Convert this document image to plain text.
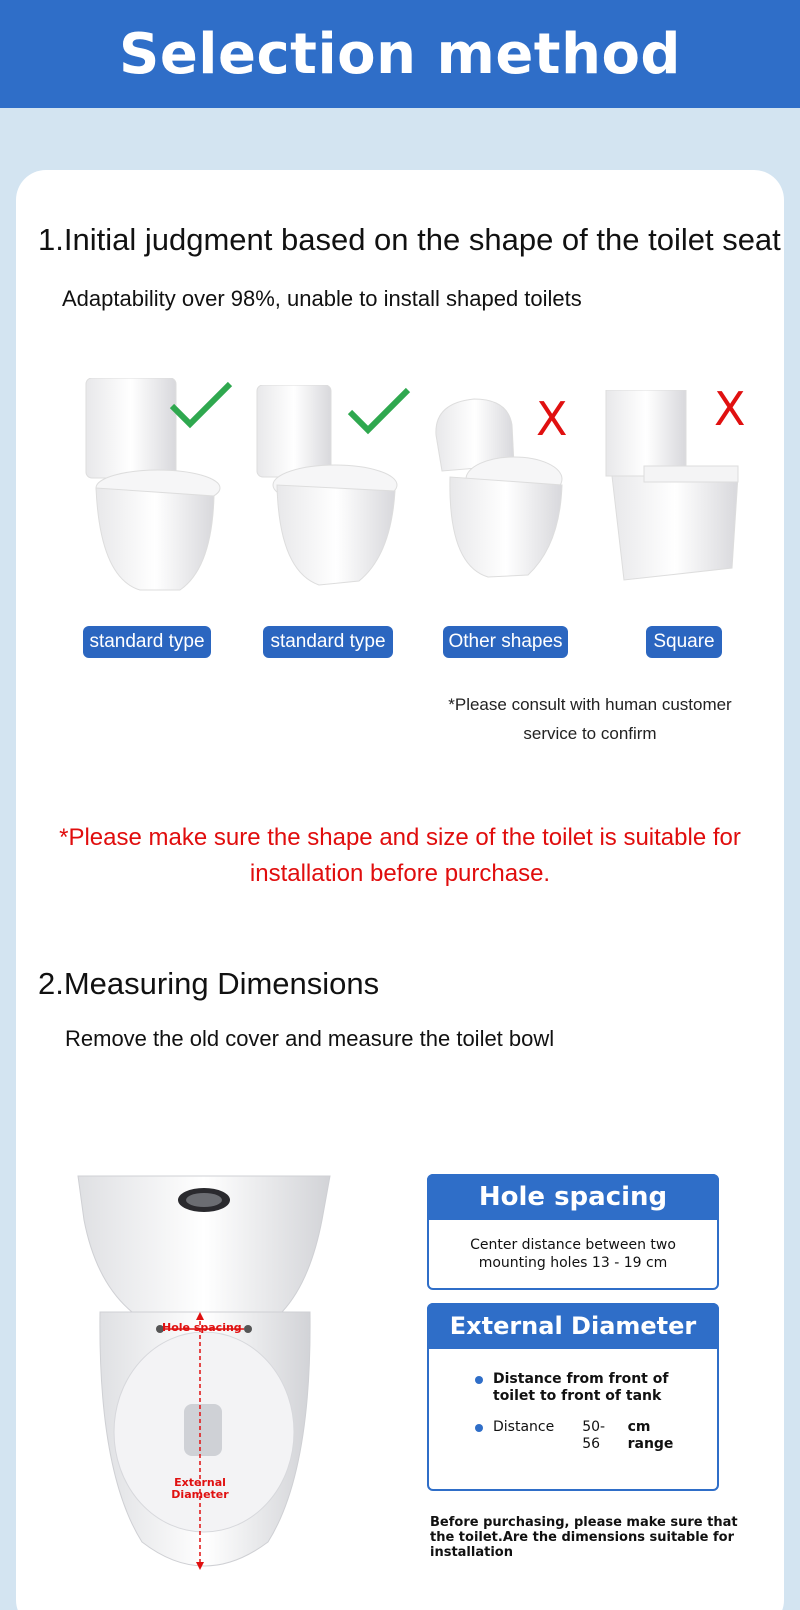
Selection method
1.Initial judgment based on the shape of the toilet seat
Adaptability over 98%, unable to install shaped toilets
standard type	standard type
X
Other shapes
X
Square
*Please consult with human customer service to confirm
*Please make sure the shape and size of the toilet is suitable for installation before purchase.
2.Measuring Dimensions
Remove the old cover and measure the toilet bowl
Hole spacing
External Diameter
Hole spacing
Center distance between two mounting holes 13 - 19 cm
External Diameter
Distance from front of toilet to front of tank
Distance 50-56
cm range
Before purchasing, please make sure that the toilet.Are the dimensions suitable for installation
